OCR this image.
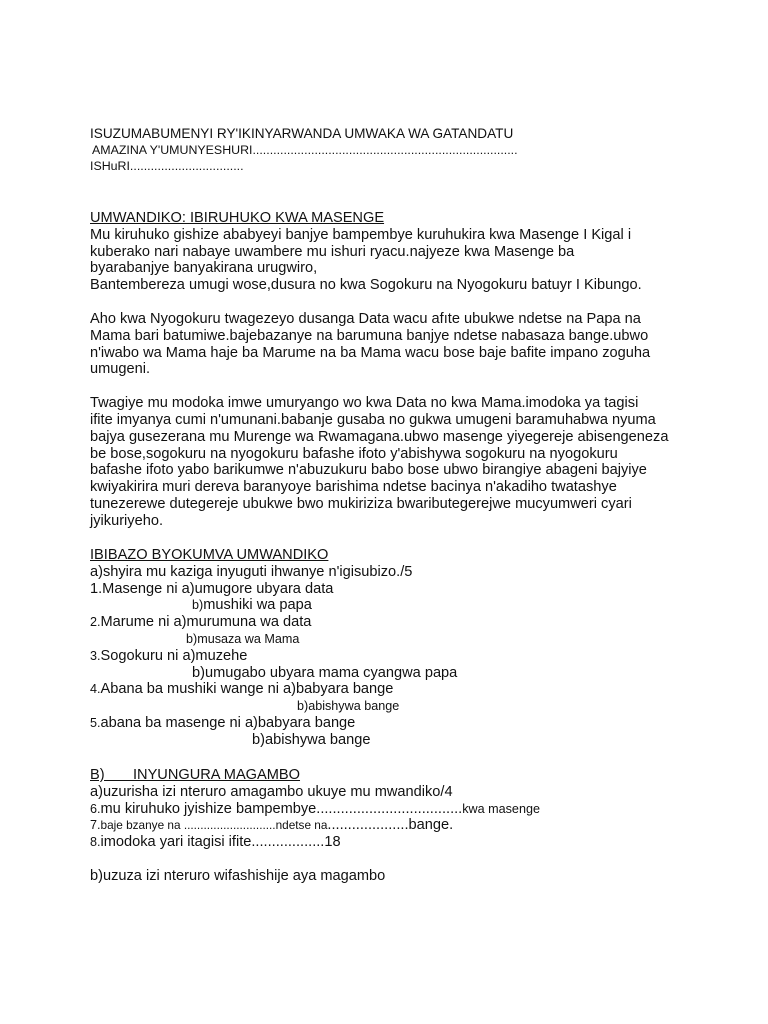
ISUZUMABUMENYI RY'IKINYARWANDA UMWAKA WA GATANDATU
AMAZINA Y'UMUNYESHURI.............................................................................
ISHuRI.................................
UMWANDIKO: IBIRUHUKO KWA MASENGE
Mu kiruhuko gishize ababyeyi banjye bampembye kuruhukira kwa Masenge I Kigal i
kuberako nari nabaye uwambere mu ishuri ryacu.najyeze kwa Masenge ba
byarabanjye banyakirana urugwiro,
Bantembereza umugi wose,dusura no kwa Sogokuru na Nyogokuru batuyr I Kibungo.
Aho kwa Nyogokuru twagezeyo dusanga Data wacu afıte ubukwe ndetse na Papa na
Mama bari batumiwe.bajebazanye na barumuna banjye ndetse nabasaza bange.ubwo
n'iwabo wa Mama haje ba Marume na ba Mama wacu bose baje bafite impano zoguha
umugeni.
Twagiye mu modoka imwe umuryango wo kwa Data no kwa Mama.imodoka ya tagisi
ifite imyanya cumi n'umunani.babanje gusaba no gukwa umugeni baramuhabwa nyuma
bajya gusezerana mu Murenge wa Rwamagana.ubwo masenge yiyegereje abisengeneza
be bose,sogokuru na nyogokuru bafashe ifoto y'abishywa sogokuru na nyogokuru
bafashe ifoto yabo barikumwe n'abuzukuru babo bose ubwo birangiye abageni bajyiye
kwiyakirira muri dereva baranyoye barishima ndetse bacinya n'akadiho twatashye
tunezerewe dutegereje ubukwe bwo mukiriziza bwaributegerejwe mucyumweri cyari
jyikuriyeho.
IBIBAZO BYOKUMVA UMWANDIKO
a)shyira mu kaziga inyuguti ihwanye n'igisubizo./5
1.Masenge ni a)umugore ubyara data
b)mushiki wa papa
2.Marume ni a)murumuna wa data
b)musaza wa Mama
3.Sogokuru ni a)muzehe
b)umugabo ubyara mama cyangwa papa
4.Abana ba mushiki wange ni a)babyara bange
b)abishywa bange
5.abana ba masenge ni a)babyara bange
b)abishywa bange
B)       INYUNGURA MAGAMBO
a)uzurisha izi nteruro amagambo ukuye mu mwandiko/4
6.mu kiruhuko jyishize bampembye....................................kwa masenge
7.baje bzanye na ............................ndetse na....................bange.
8.imodoka yari itagisi ifite..................18
b)uzuza izi nteruro wifashishije aya magambo
